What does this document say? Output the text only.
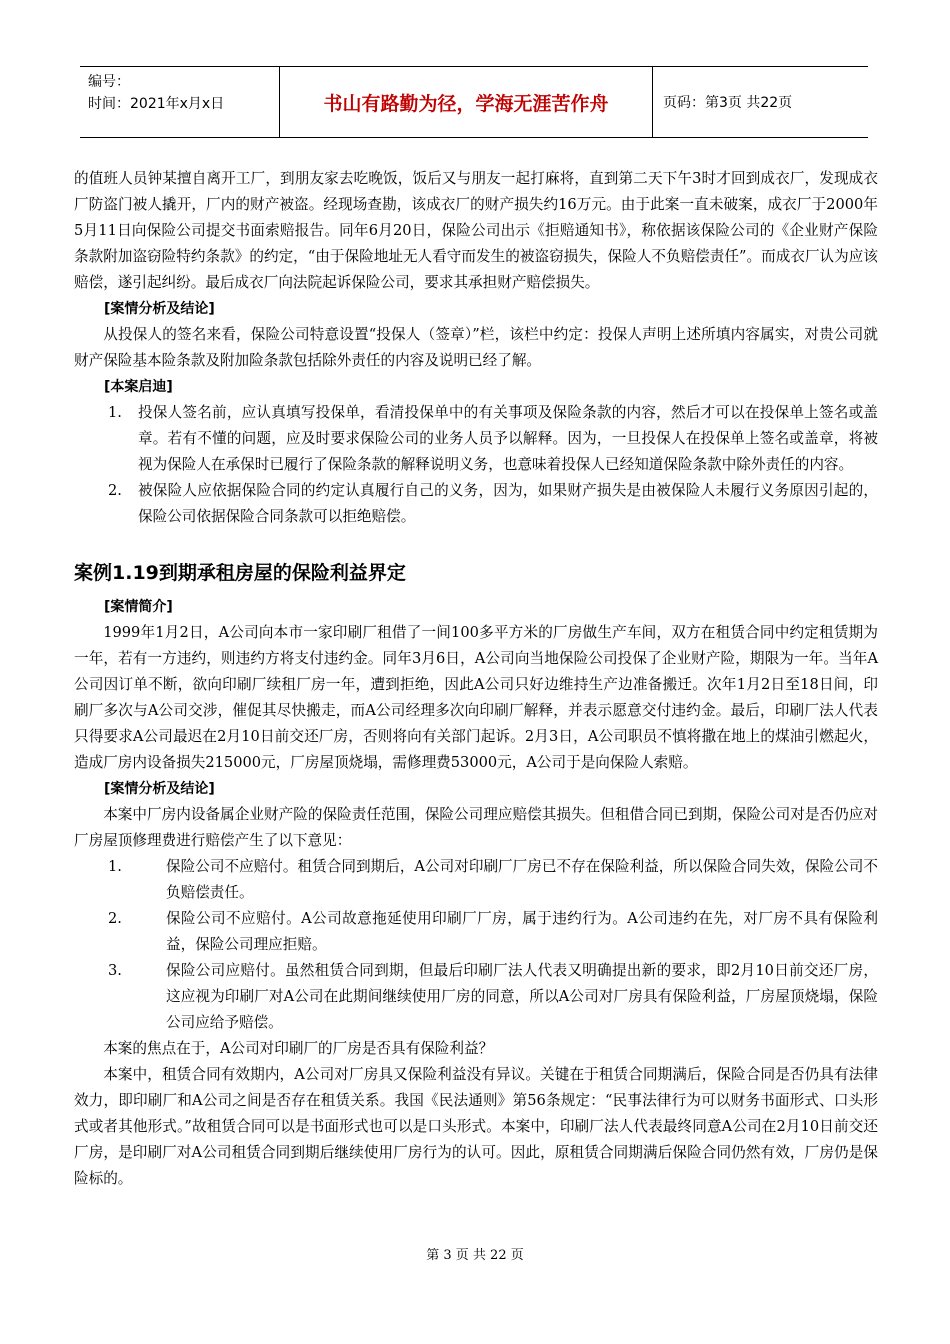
编号：
时间：2021年x月x日	书山有路勤为径，学海无涯苦作舟	页码：第3页 共22页

的值班人员钟某擅自离开工厂，到朋友家去吃晚饭，饭后又与朋友一起打麻将，直到第二天下午3时才回到成衣厂，发现成衣厂防盗门被人撬开，厂内的财产被盗。经现场查勘，该成衣厂的财产损失约16万元。由于此案一直未破案，成衣厂于2000年5月11日向保险公司提交书面索赔报告。同年6月20日，保险公司出示《拒赔通知书》，称依据该保险公司的《企业财产保险条款附加盗窃险特约条款》的约定，“由于保险地址无人看守而发生的被盗窃损失，保险人不负赔偿责任”。而成衣厂认为应该赔偿，遂引起纠纷。最后成衣厂向法院起诉保险公司，要求其承担财产赔偿损失。

[案情分析及结论]

从投保人的签名来看，保险公司特意设置“投保人（签章）”栏，该栏中约定：投保人声明上述所填内容属实，对贵公司就财产保险基本险条款及附加险条款包括除外责任的内容及说明已经了解。

[本案启迪]

1.	投保人签名前，应认真填写投保单，看清投保单中的有关事项及保险条款的内容，然后才可以在投保单上签名或盖章。若有不懂的问题，应及时要求保险公司的业务人员予以解释。因为，一旦投保人在投保单上签名或盖章，将被视为保险人在承保时已履行了保险条款的解释说明义务，也意味着投保人已经知道保险条款中除外责任的内容。
2.	被保险人应依据保险合同的约定认真履行自己的义务，因为，如果财产损失是由被保险人未履行义务原因引起的，保险公司依据保险合同条款可以拒绝赔偿。
案例1.19到期承租房屋的保险利益界定

[案情简介]

1999年1月2日，A公司向本市一家印刷厂租借了一间100多平方米的厂房做生产车间，双方在租赁合同中约定租赁期为一年，若有一方违约，则违约方将支付违约金。同年3月6日，A公司向当地保险公司投保了企业财产险，期限为一年。当年A公司因订单不断，欲向印刷厂续租厂房一年，遭到拒绝，因此A公司只好边维持生产边准备搬迁。次年1月2日至18日间，印刷厂多次与A公司交涉，催促其尽快搬走，而A公司经理多次向印刷厂解释，并表示愿意交付违约金。最后，印刷厂法人代表只得要求A公司最迟在2月10日前交还厂房，否则将向有关部门起诉。2月3日，A公司职员不慎将撒在地上的煤油引燃起火，造成厂房内设备损失215000元，厂房屋顶烧塌，需修理费53000元，A公司于是向保险人索赔。

[案情分析及结论]

本案中厂房内设备属企业财产险的保险责任范围，保险公司理应赔偿其损失。但租借合同已到期，保险公司对是否仍应对厂房屋顶修理费进行赔偿产生了以下意见：

1.	保险公司不应赔付。租赁合同到期后，A公司对印刷厂厂房已不存在保险利益，所以保险合同失效，保险公司不负赔偿责任。
2.	保险公司不应赔付。A公司故意拖延使用印刷厂厂房，属于违约行为。A公司违约在先，对厂房不具有保险利益，保险公司理应拒赔。
3.	保险公司应赔付。虽然租赁合同到期，但最后印刷厂法人代表又明确提出新的要求，即2月10日前交还厂房，这应视为印刷厂对A公司在此期间继续使用厂房的同意，所以A公司对厂房具有保险利益，厂房屋顶烧塌，保险公司应给予赔偿。

本案的焦点在于，A公司对印刷厂的厂房是否具有保险利益？

本案中，租赁合同有效期内，A公司对厂房具又保险利益没有异议。关键在于租赁合同期满后，保险合同是否仍具有法律效力，即印刷厂和A公司之间是否存在租赁关系。我国《民法通则》第56条规定：“民事法律行为可以财务书面形式、口头形式或者其他形式。”故租赁合同可以是书面形式也可以是口头形式。本案中，印刷厂法人代表最终同意A公司在2月10日前交还厂房，是印刷厂对A公司租赁合同到期后继续使用厂房行为的认可。因此，原租赁合同期满后保险合同仍然有效，厂房仍是保险标的。

第 3 页 共 22 页
